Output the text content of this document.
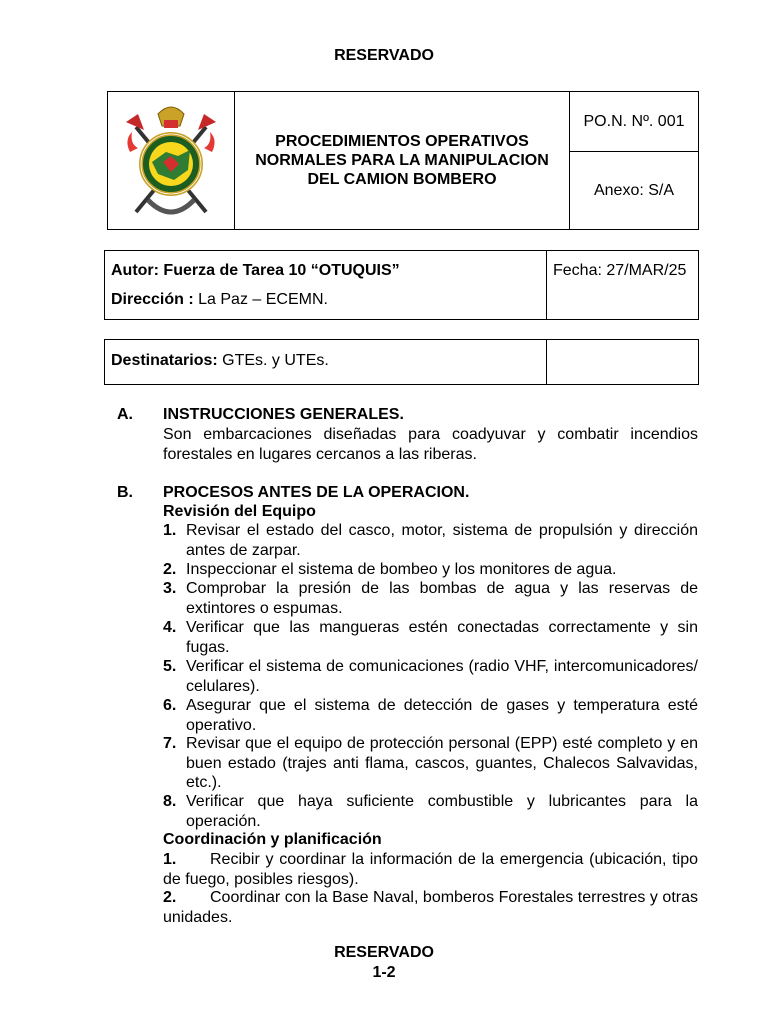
RESERVADO
PROCEDIMIENTOS OPERATIVOS NORMALES PARA LA MANIPULACION DEL CAMION BOMBERO
PO.N. Nº. 001
Anexo: S/A
Autor: Fuerza de Tarea 10 “OTUQUIS”
Dirección : La Paz – ECEMN.
Fecha: 27/MAR/25
Destinatarios: GTEs. y UTEs.
A. INSTRUCCIONES GENERALES.
Son embarcaciones diseñadas para coadyuvar y combatir incendios forestales en lugares cercanos a las riberas.
B. PROCESOS ANTES DE LA OPERACION.
Revisión del Equipo
1. Revisar el estado del casco, motor, sistema de propulsión y dirección antes de zarpar.
2. Inspeccionar el sistema de bombeo y los monitores de agua.
3. Comprobar la presión de las bombas de agua y las reservas de extintores o espumas.
4. Verificar que las mangueras estén conectadas correctamente y sin fugas.
5. Verificar el sistema de comunicaciones (radio VHF, intercomunicadores/ celulares).
6. Asegurar que el sistema de detección de gases y temperatura esté operativo.
7. Revisar que el equipo de protección personal (EPP) esté completo y en buen estado (trajes anti flama, cascos, guantes, Chalecos Salvavidas, etc.).
8. Verificar que haya suficiente combustible y lubricantes para la operación.
Coordinación y planificación
1.	Recibir y coordinar la información de la emergencia (ubicación, tipo de fuego, posibles riesgos).
2.	Coordinar con la Base Naval, bomberos Forestales terrestres y otras unidades.
RESERVADO
1-2
